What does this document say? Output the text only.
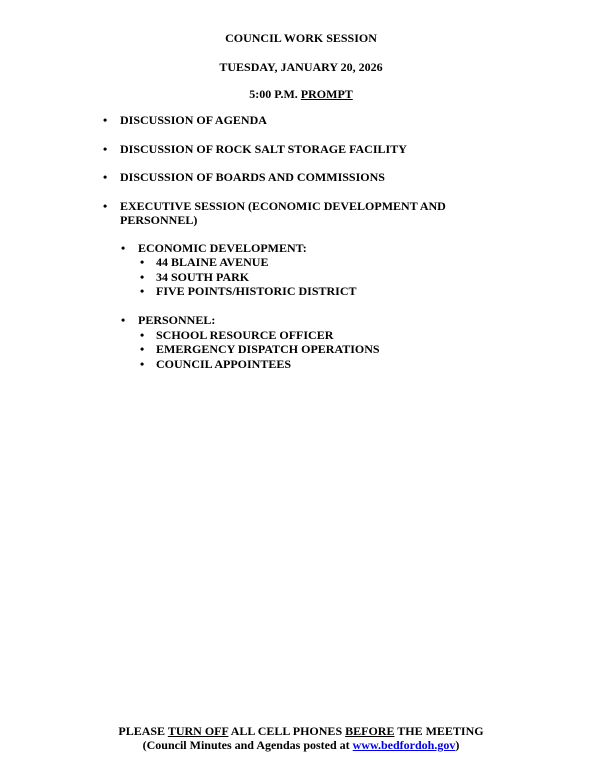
COUNCIL WORK SESSION
TUESDAY, JANUARY 20, 2026
5:00 P.M. PROMPT
• DISCUSSION OF AGENDA
• DISCUSSION OF ROCK SALT STORAGE FACILITY
• DISCUSSION OF BOARDS AND COMMISSIONS
• EXECUTIVE SESSION (ECONOMIC DEVELOPMENT AND PERSONNEL)
• ECONOMIC DEVELOPMENT:
• 44 BLAINE AVENUE
• 34 SOUTH PARK
• FIVE POINTS/HISTORIC DISTRICT
• PERSONNEL:
• SCHOOL RESOURCE OFFICER
• EMERGENCY DISPATCH OPERATIONS
• COUNCIL APPOINTEES
PLEASE TURN OFF ALL CELL PHONES BEFORE THE MEETING
(Council Minutes and Agendas posted at www.bedfordoh.gov)
